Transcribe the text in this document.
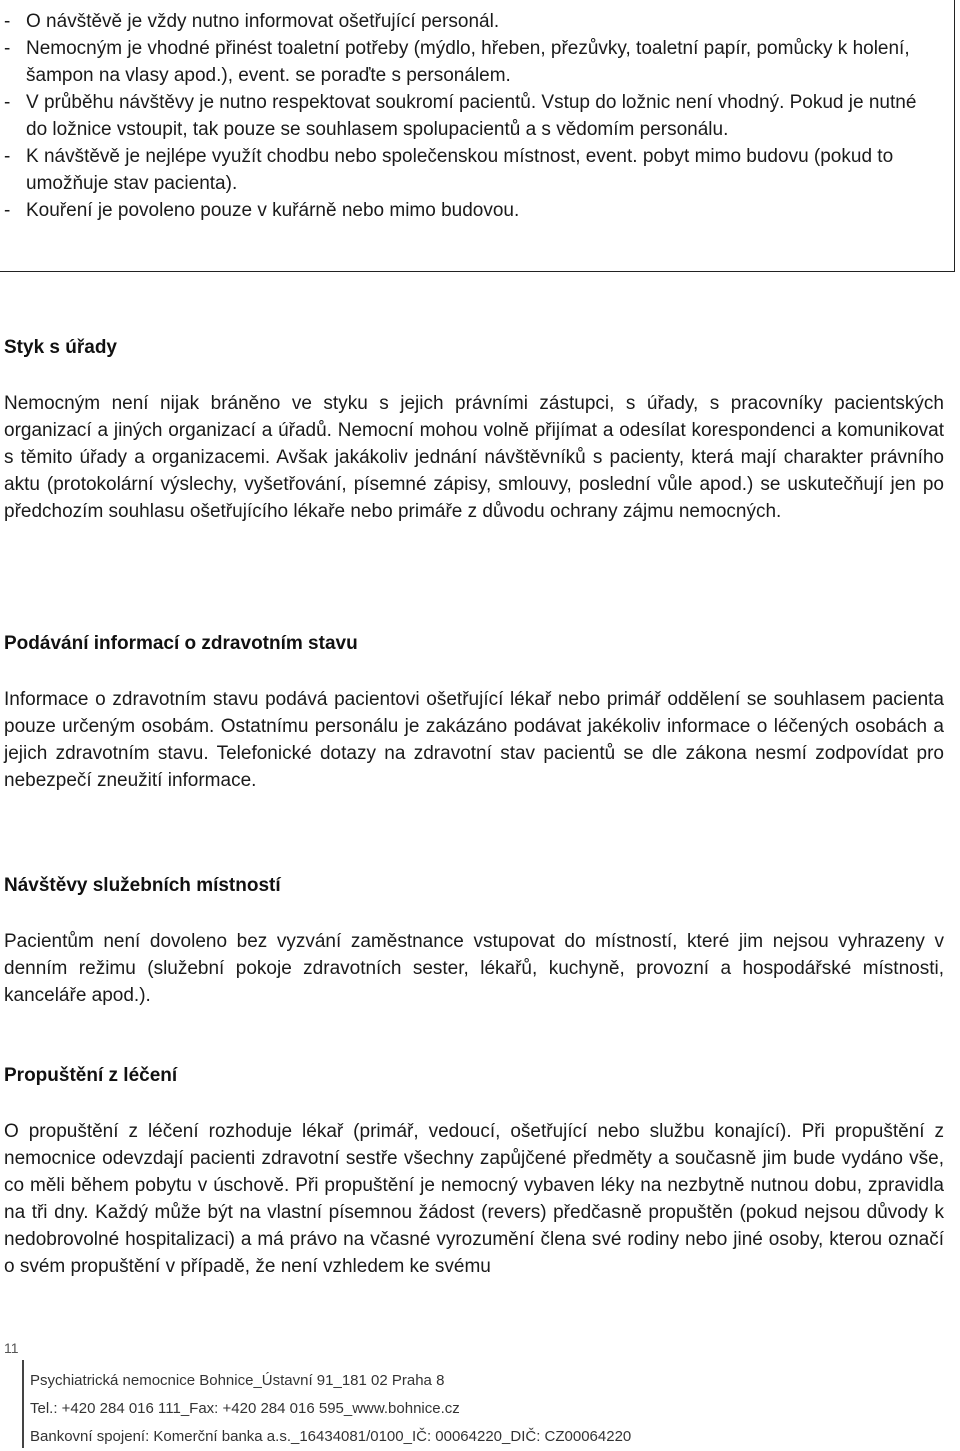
- O návštěvě je vždy nutno informovat ošetřující personál.
- Nemocným je vhodné přinést toaletní potřeby (mýdlo, hřeben, přezůvky, toaletní papír, pomůcky k holení, šampon na vlasy apod.), event. se poraďte s personálem.
- V průběhu návštěvy je nutno respektovat soukromí pacientů. Vstup do ložnic není vhodný. Pokud je nutné do ložnice vstoupit, tak pouze se souhlasem spolupacientů a s vědomím personálu.
- K návštěvě je nejlépe využít chodbu nebo společenskou místnost, event. pobyt mimo budovu (pokud to umožňuje stav pacienta).
- Kouření je povoleno pouze v kuřárně nebo mimo budovou.
Styk s úřady

Nemocným není nijak bráněno ve styku s jejich právními zástupci, s úřady, s pracovníky pacientských organizací a jiných organizací a úřadů. Nemocní mohou volně přijímat a odesílat korespondenci a komunikovat s těmito úřady a organizacemi. Avšak jakákoliv jednání návštěvníků s pacienty, která mají charakter právního aktu (protokolární výslechy, vyšetřování, písemné zápisy, smlouvy, poslední vůle apod.) se uskutečňují jen po předchozím souhlasu ošetřujícího lékaře nebo primáře z důvodu ochrany zájmu nemocných.

Podávání informací o zdravotním stavu

Informace o zdravotním stavu podává pacientovi ošetřující lékař nebo primář oddělení se souhlasem pacienta pouze určeným osobám. Ostatnímu personálu je zakázáno podávat jakékoliv informace o léčených osobách a jejich zdravotním stavu. Telefonické dotazy na zdravotní stav pacientů se dle zákona nesmí zodpovídat pro nebezpečí zneužití informace.

Návštěvy služebních místností

Pacientům není dovoleno bez vyzvání zaměstnance vstupovat do místností, které jim nejsou vyhrazeny v denním režimu (služební pokoje zdravotních sester, lékařů, kuchyně, provozní a hospodářské místnosti, kanceláře apod.).

Propuštění z léčení

O propuštění z léčení rozhoduje lékař (primář, vedoucí, ošetřující nebo službu konající). Při propuštění z nemocnice odevzdají pacienti zdravotní sestře všechny zapůjčené předměty a současně jim bude vydáno vše, co měli během pobytu v úschově. Při propuštění je nemocný vybaven léky na nezbytně nutnou dobu, zpravidla na tři dny. Každý může být na vlastní písemnou žádost (revers) předčasně propuštěn (pokud nejsou důvody k nedobrovolné hospitalizaci) a má právo na včasné vyrozumění člena své rodiny nebo jiné osoby, kterou označí o svém propuštění v případě, že není vzhledem ke svému

11
Psychiatrická nemocnice Bohnice_Ústavní 91_181 02 Praha 8
Tel.: +420 284 016 111_Fax: +420 284 016 595_www.bohnice.cz
Bankovní spojení: Komerční banka a.s._16434081/0100_IČ: 00064220_DIČ: CZ00064220
